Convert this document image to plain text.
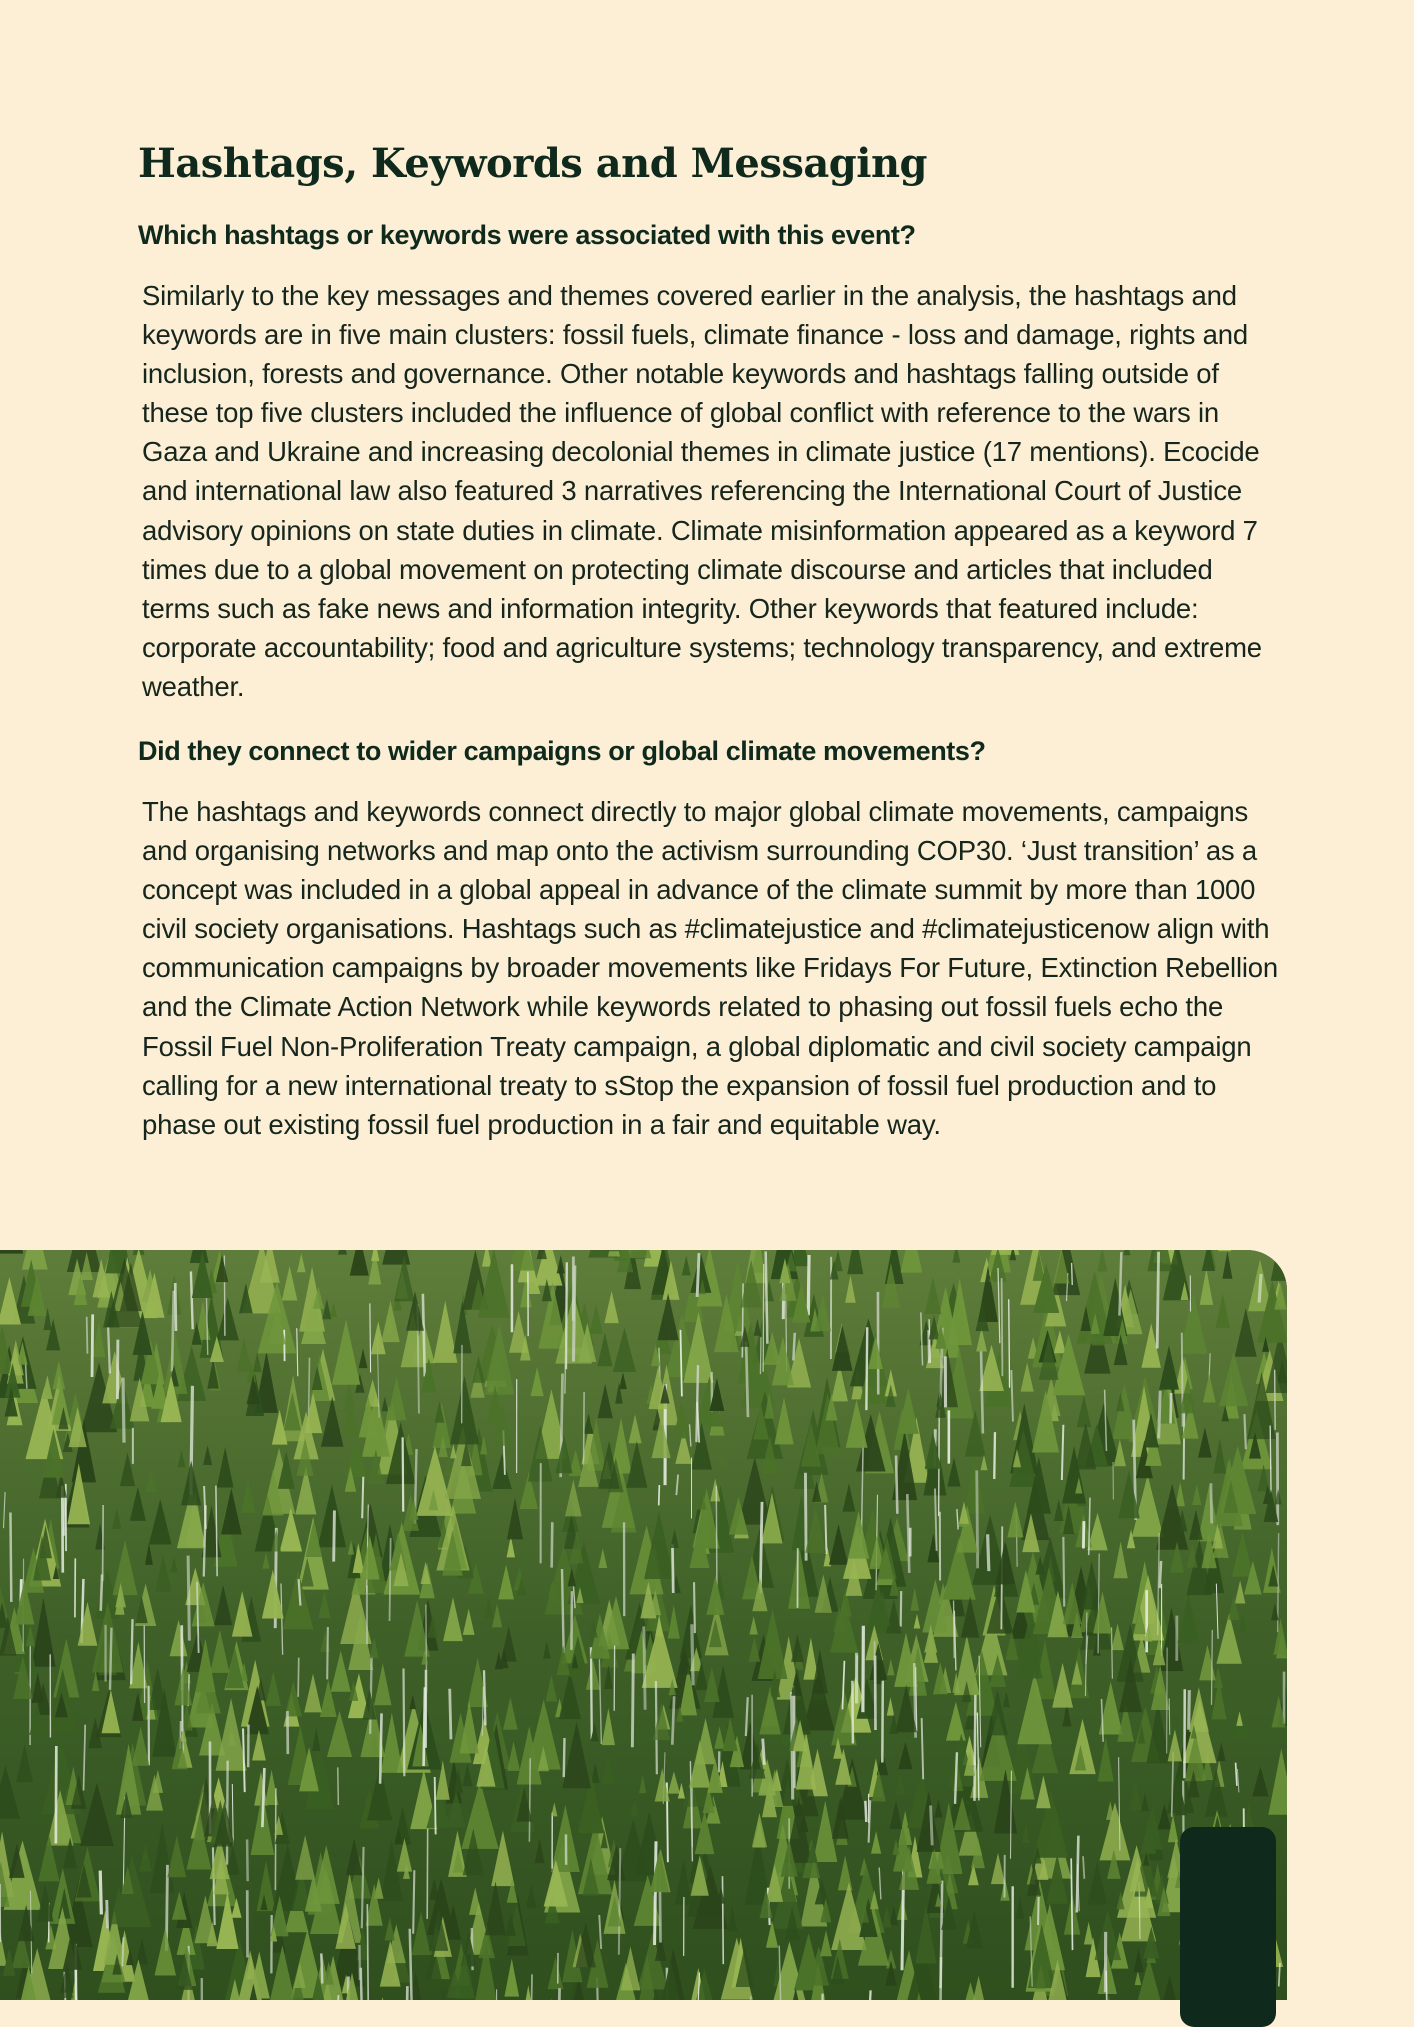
Hashtags, Keywords and Messaging
Which hashtags or keywords were associated with this event?

Similarly to the key messages and themes covered earlier in the analysis, the hashtags and keywords are in five main clusters: fossil fuels, climate finance - loss and damage, rights and inclusion, forests and governance. Other notable keywords and hashtags falling outside of these top five clusters included the influence of global conflict with reference to the wars in Gaza and Ukraine and increasing decolonial themes in climate justice (17 mentions). Ecocide and international law also featured 3 narratives referencing the International Court of Justice advisory opinions on state duties in climate. Climate misinformation appeared as a keyword 7 times due to a global movement on protecting climate discourse and articles that included terms such as fake news and information integrity. Other keywords that featured include: corporate accountability; food and agriculture systems; technology transparency, and extreme weather.

Did they connect to wider campaigns or global climate movements?

The hashtags and keywords connect directly to major global climate movements, campaigns and organising networks and map onto the activism surrounding COP30. ‘Just transition’ as a concept was included in a global appeal in advance of the climate summit by more than 1000 civil society organisations. Hashtags such as #climatejustice and #climatejusticenow align with communication campaigns by broader movements like Fridays For Future, Extinction Rebellion and the Climate Action Network while keywords related to phasing out fossil fuels echo the Fossil Fuel Non-Proliferation Treaty campaign, a global diplomatic and civil society campaign calling for a new international treaty to sStop the expansion of fossil fuel production and to phase out existing fossil fuel production in a fair and equitable way.
